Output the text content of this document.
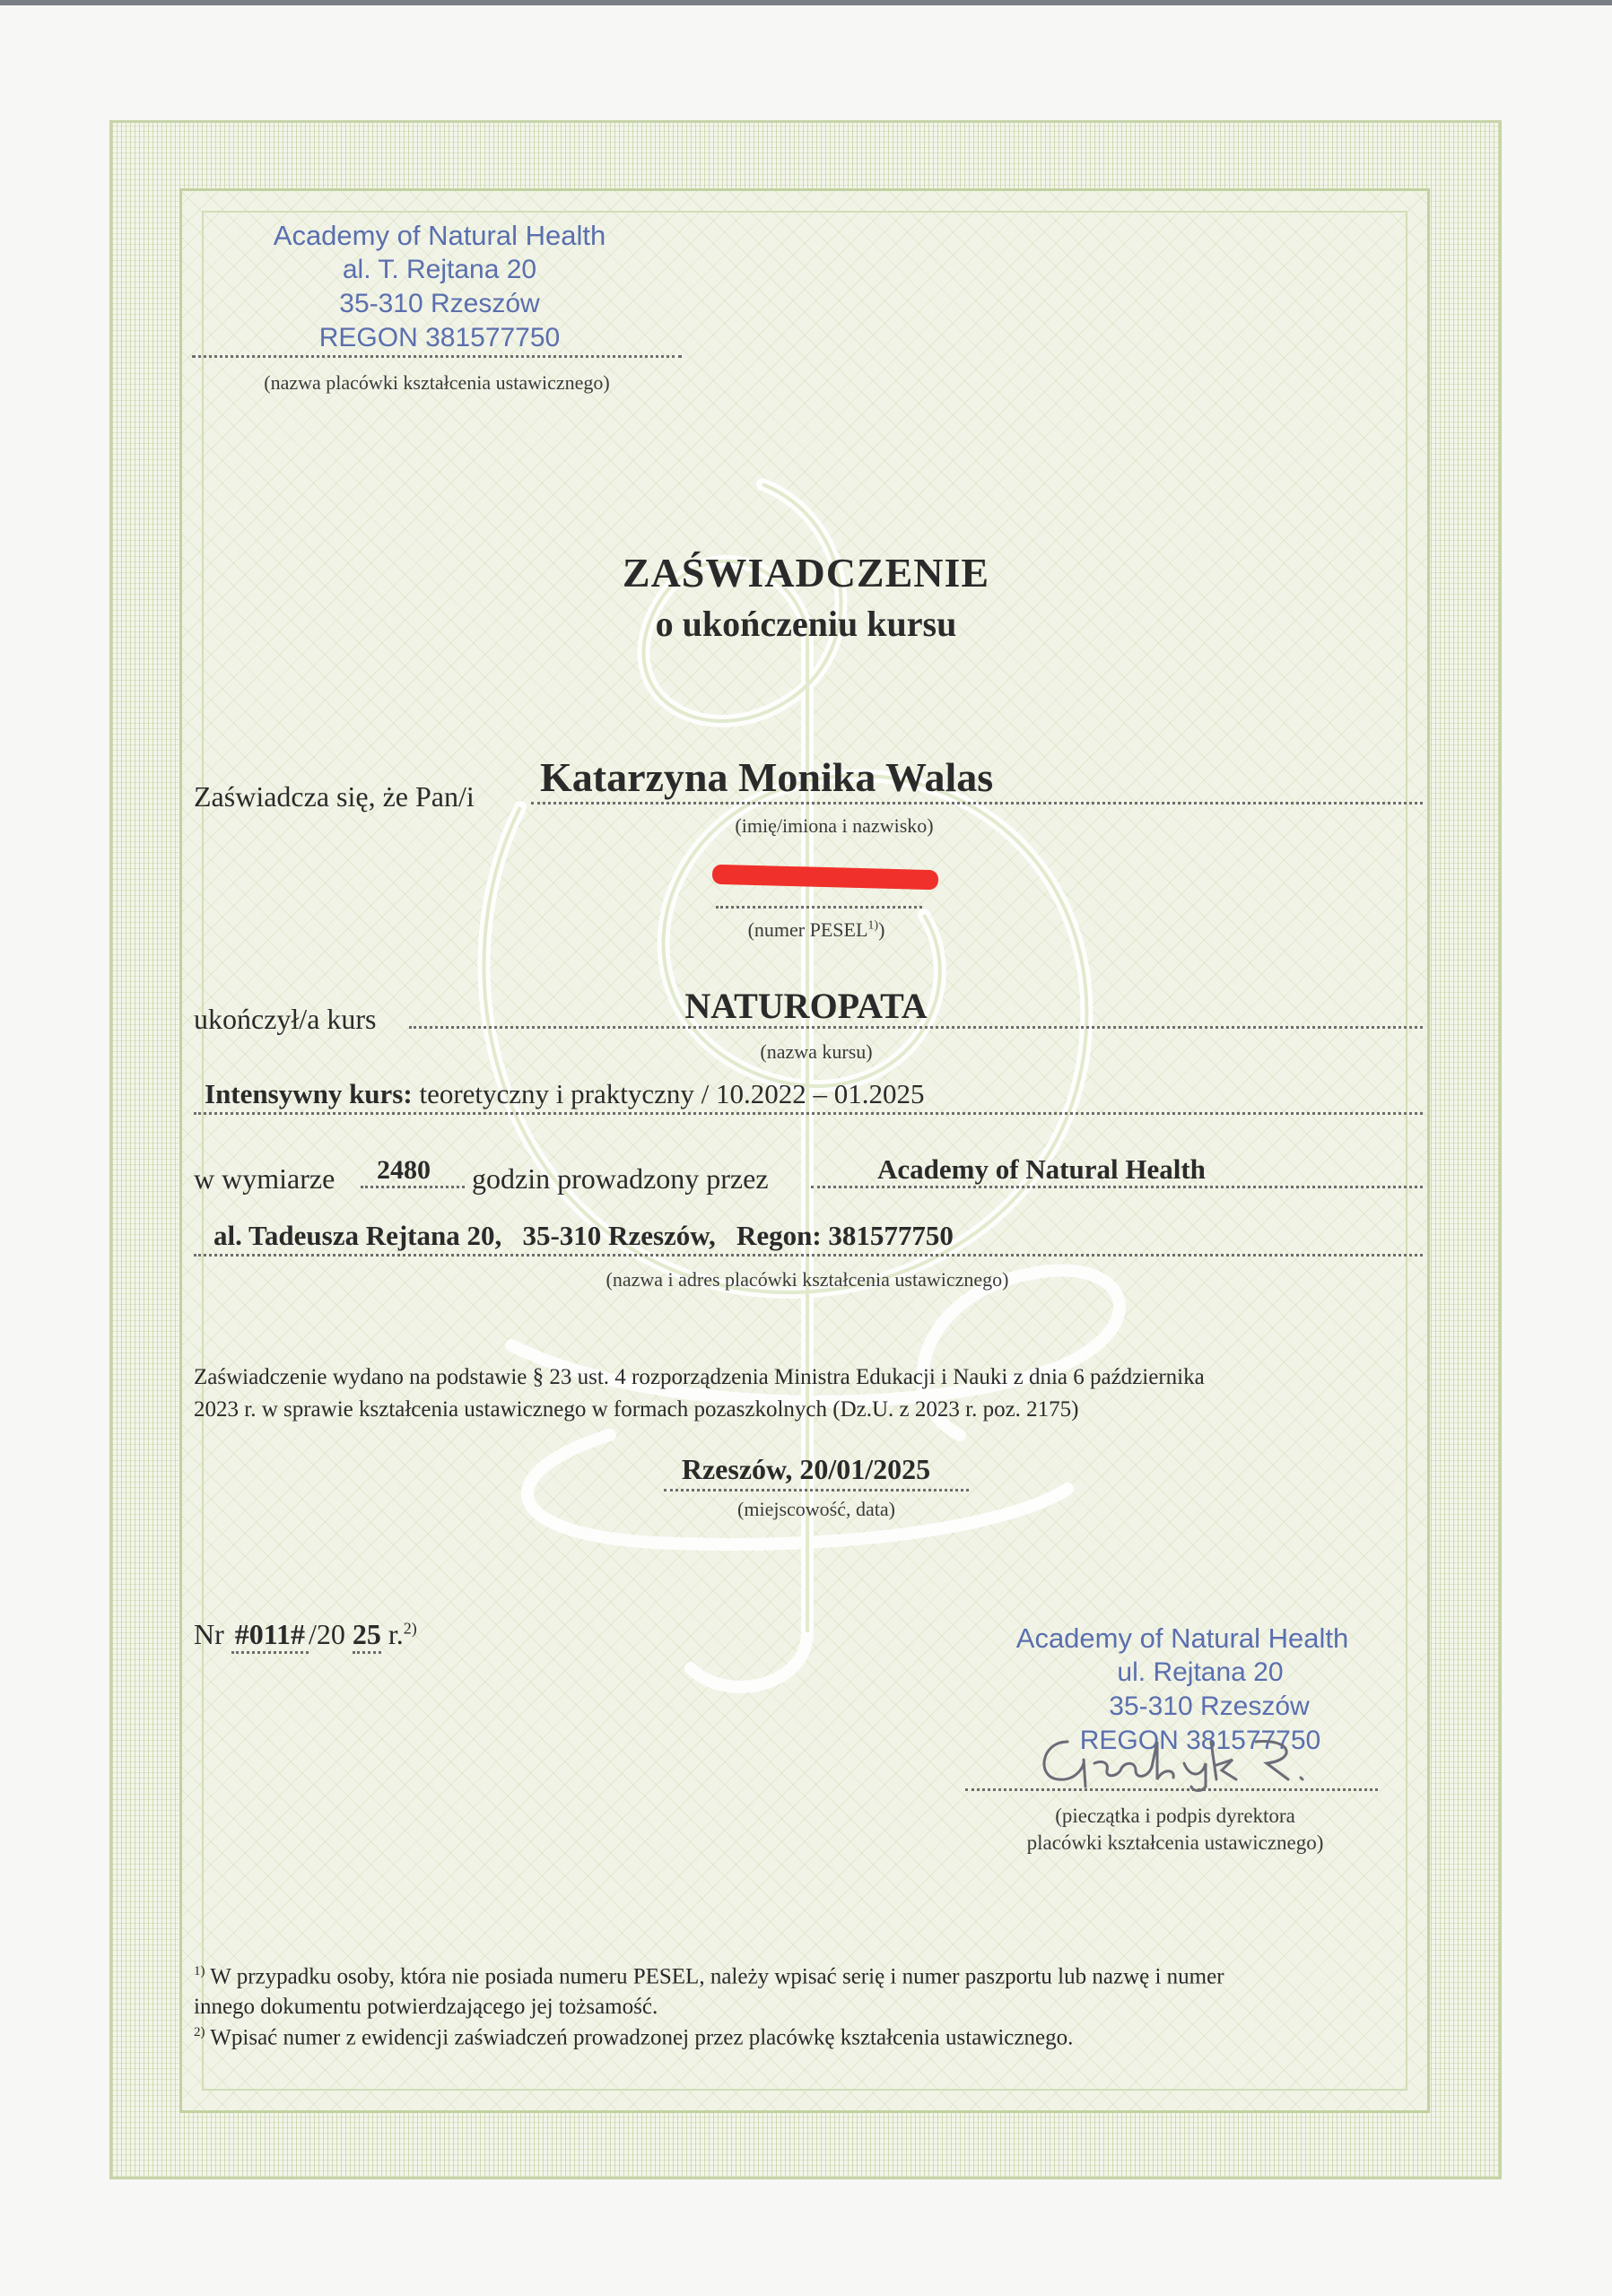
Academy of Natural Health
al. T. Rejtana 20
35-310 Rzeszów
REGON 381577750
(nazwa placówki kształcenia ustawicznego)
ZAŚWIADCZENIE
o ukończeniu kursu
Zaświadcza się, że Pan/i Katarzyna Monika Walas
(imię/imiona i nazwisko)
(numer PESEL$^{1)}$)
ukończył/a kurs	NATUROPATA
(nazwa kursu)
Intensywny kurs: teoretyczny i praktyczny / 10.2022 – 01.2025
w wymiarze 2480 godzin prowadzony przez	Academy of Natural Health
al. Tadeusza Rejtana 20,   35-310 Rzeszów,   Regon: 381577750
(nazwa i adres placówki kształcenia ustawicznego)
Zaświadczenie wydano na podstawie § 23 ust. 4 rozporządzenia Ministra Edukacji i Nauki z dnia 6 października
2023 r. w sprawie kształcenia ustawicznego w formach pozaszkolnych (Dz.U. z 2023 r. poz. 2175)
Rzeszów, 20/01/2025
(miejscowość, data)
Nr #011# /20 25 r.$^{2)}$	Academy of Natural Health
ul. Rejtana 20
35-310 Rzeszów
REGON 381577750
(pieczątka i podpis dyrektora
placówki kształcenia ustawicznego)
$^{1)}$ W przypadku osoby, która nie posiada numeru PESEL, należy wpisać serię i numer paszportu lub nazwę i numer
innego dokumentu potwierdzającego jej tożsamość.
$^{2)}$ Wpisać numer z ewidencji zaświadczeń prowadzonej przez placówkę kształcenia ustawicznego.
